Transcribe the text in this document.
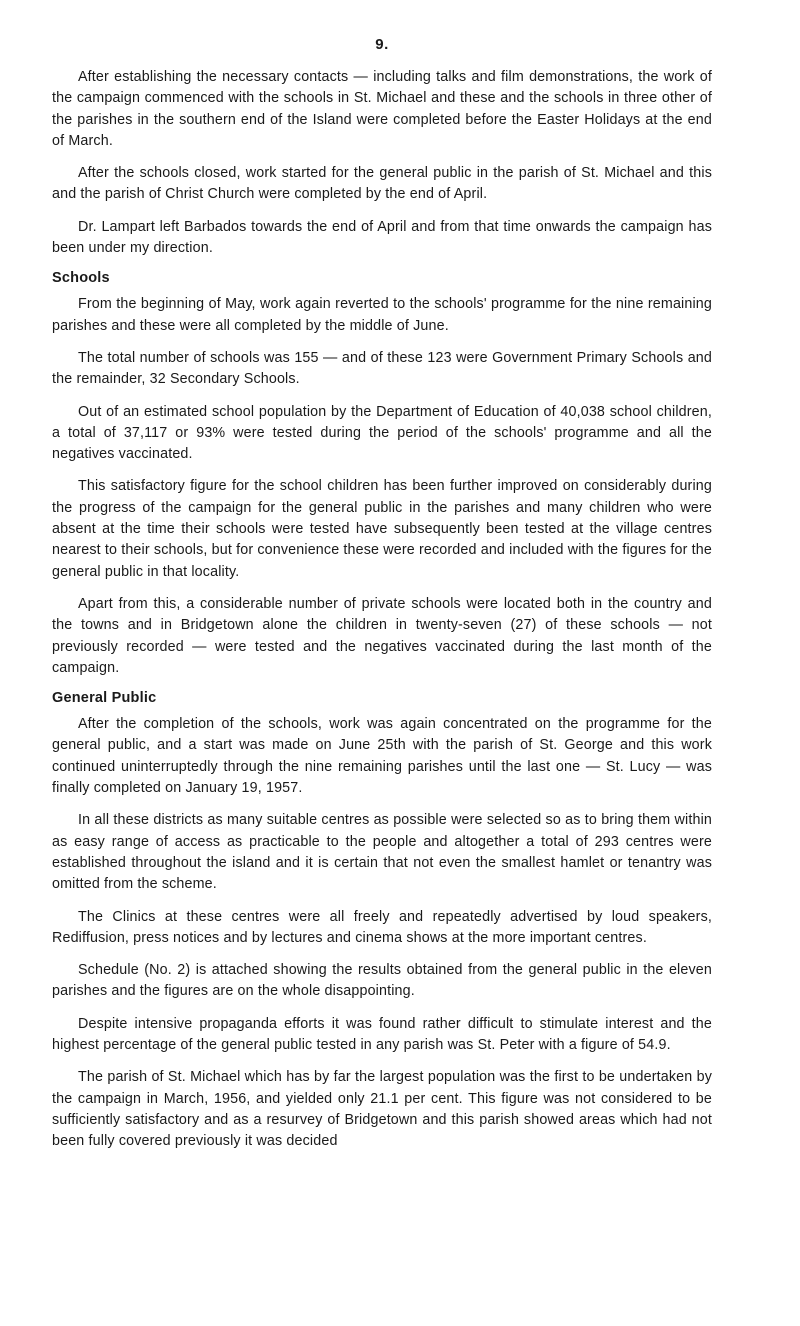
9.

After establishing the necessary contacts — including talks and film demonstrations, the work of the campaign commenced with the schools in St. Michael and these and the schools in three other of the parishes in the southern end of the Island were completed before the Easter Holidays at the end of March.

After the schools closed, work started for the general public in the parish of St. Michael and this and the parish of Christ Church were completed by the end of April.

Dr. Lampart left Barbados towards the end of April and from that time onwards the campaign has been under my direction.

Schools

From the beginning of May, work again reverted to the schools' programme for the nine remaining parishes and these were all completed by the middle of June.

The total number of schools was 155 — and of these 123 were Government Primary Schools and the remainder, 32 Secondary Schools.

Out of an estimated school population by the Department of Education of 40,038 school children, a total of 37,117 or 93% were tested during the period of the schools' programme and all the negatives vaccinated.

This satisfactory figure for the school children has been further improved on considerably during the progress of the campaign for the general public in the parishes and many children who were absent at the time their schools were tested have subsequently been tested at the village centres nearest to their schools, but for convenience these were recorded and included with the figures for the general public in that locality.

Apart from this, a considerable number of private schools were located both in the country and the towns and in Bridgetown alone the children in twenty-seven (27) of these schools — not previously recorded — were tested and the negatives vaccinated during the last month of the campaign.

General Public

After the completion of the schools, work was again concentrated on the programme for the general public, and a start was made on June 25th with the parish of St. George and this work continued uninterruptedly through the nine remaining parishes until the last one — St. Lucy — was finally completed on January 19, 1957.

In all these districts as many suitable centres as possible were selected so as to bring them within as easy range of access as practicable to the people and altogether a total of 293 centres were established throughout the island and it is certain that not even the smallest hamlet or tenantry was omitted from the scheme.

The Clinics at these centres were all freely and repeatedly advertised by loud speakers, Rediffusion, press notices and by lectures and cinema shows at the more important centres.

Schedule (No. 2) is attached showing the results obtained from the general public in the eleven parishes and the figures are on the whole disappointing.

Despite intensive propaganda efforts it was found rather difficult to stimulate interest and the highest percentage of the general public tested in any parish was St. Peter with a figure of 54.9.

The parish of St. Michael which has by far the largest population was the first to be undertaken by the campaign in March, 1956, and yielded only 21.1 per cent. This figure was not considered to be sufficiently satisfactory and as a resurvey of Bridgetown and this parish showed areas which had not been fully covered previously it was decided
